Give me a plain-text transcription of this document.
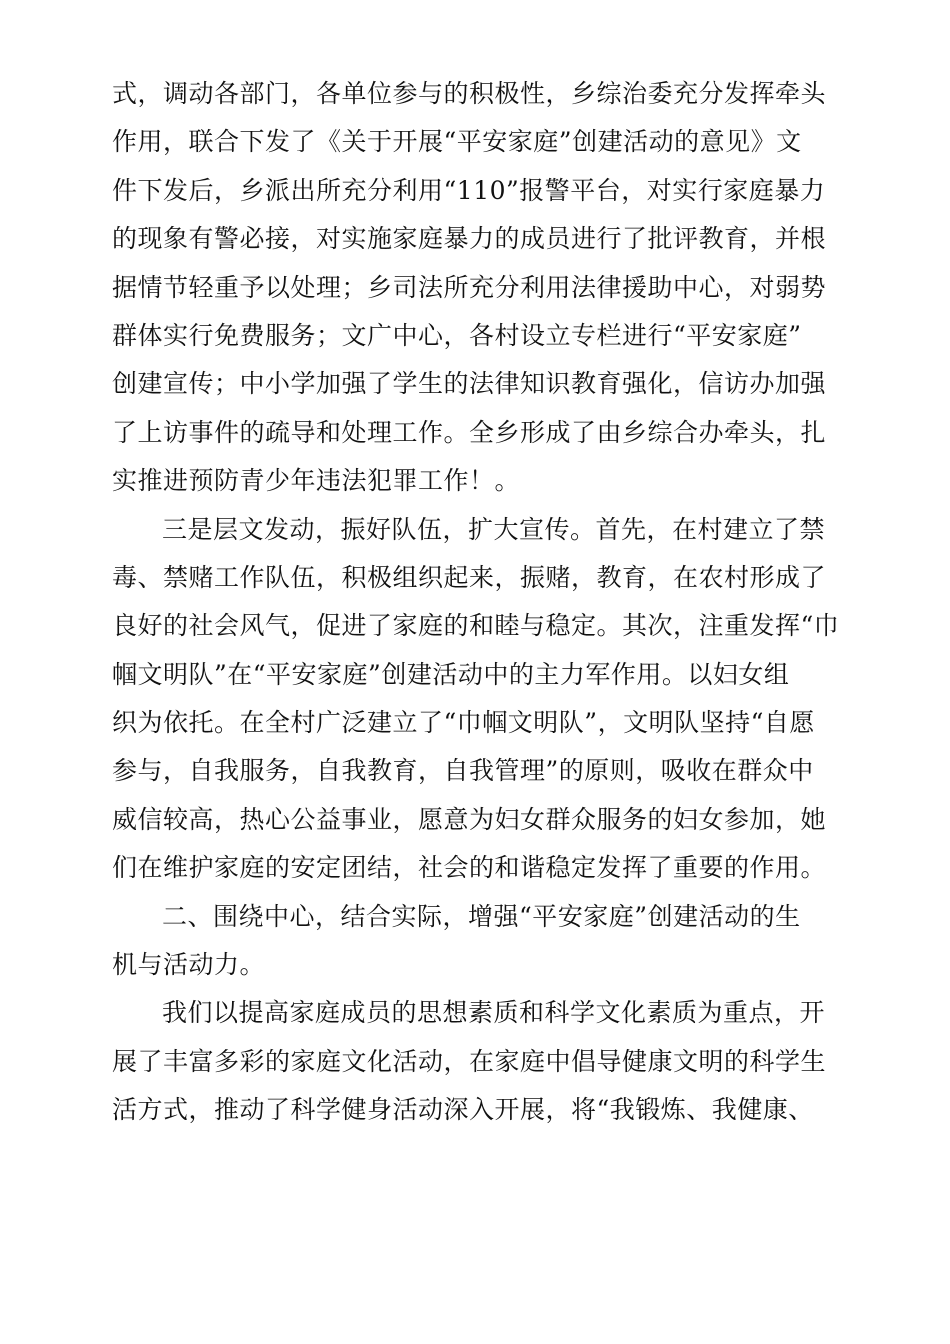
式，调动各部门，各单位参与的积极性，乡综治委充分发挥牵头
作用，联合下发了《关于开展“平安家庭”创建活动的意见》文
件下发后，乡派出所充分利用“110”报警平台，对实行家庭暴力
的现象有警必接，对实施家庭暴力的成员进行了批评教育，并根
据情节轻重予以处理；乡司法所充分利用法律援助中心，对弱势
群体实行免费服务；文广中心，各村设立专栏进行“平安家庭”
创建宣传；中小学加强了学生的法律知识教育强化，信访办加强
了上访事件的疏导和处理工作。全乡形成了由乡综合办牵头，扎
实推进预防青少年违法犯罪工作！。
三是层文发动，振好队伍，扩大宣传。首先，在村建立了禁
毒、禁赌工作队伍，积极组织起来，振赌，教育，在农村形成了
良好的社会风气，促进了家庭的和睦与稳定。其次，注重发挥“巾
帼文明队”在“平安家庭”创建活动中的主力军作用。以妇女组
织为依托。在全村广泛建立了“巾帼文明队”，文明队坚持“自愿
参与，自我服务，自我教育，自我管理”的原则，吸收在群众中
威信较高，热心公益事业，愿意为妇女群众服务的妇女参加，她
们在维护家庭的安定团结，社会的和谐稳定发挥了重要的作用。
二、围绕中心，结合实际，增强“平安家庭”创建活动的生
机与活动力。
我们以提高家庭成员的思想素质和科学文化素质为重点，开
展了丰富多彩的家庭文化活动，在家庭中倡导健康文明的科学生
活方式，推动了科学健身活动深入开展，将“我锻炼、我健康、
